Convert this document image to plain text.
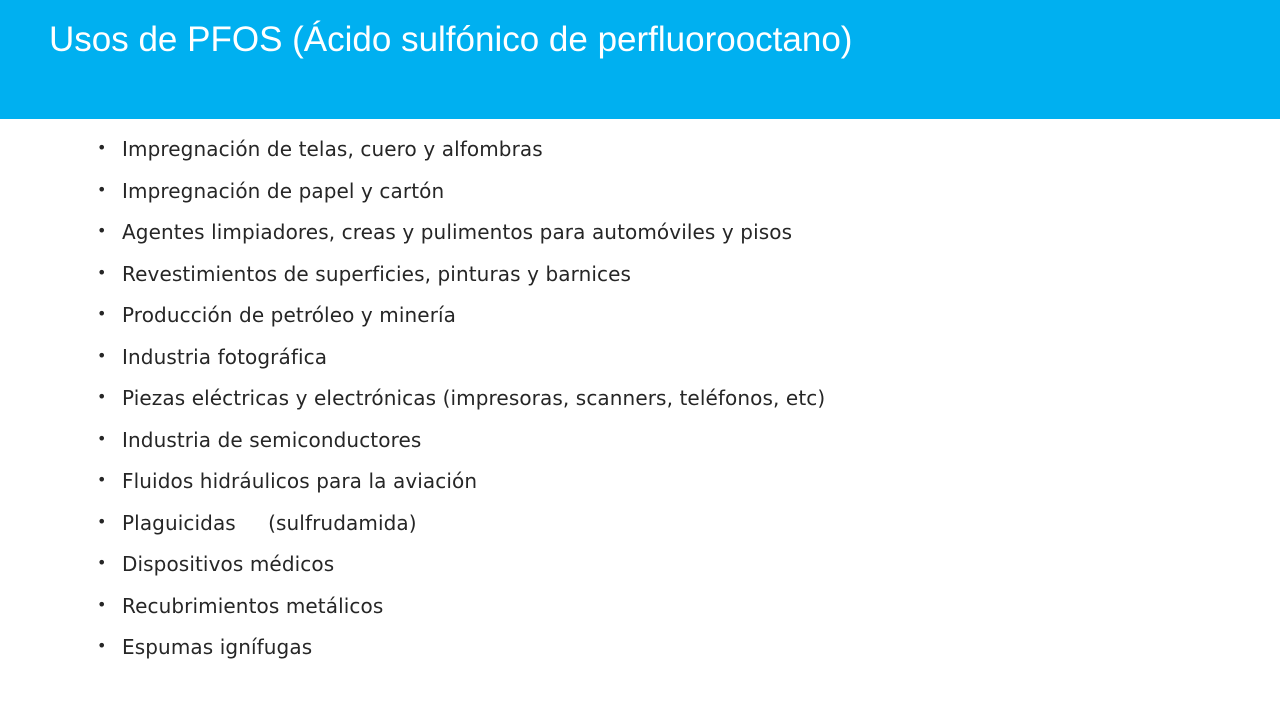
Usos de PFOS (Ácido sulfónico de perfluorooctano)

•

Impregnación de telas, cuero y alfombras

•

Impregnación de papel y cartón

•

Agentes limpiadores, creas y pulimentos para automóviles y pisos

•

Revestimientos de superficies, pinturas y barnices

•

Producción de petróleo y minería

•

Industria fotográfica

•

Piezas eléctricas y electrónicas (impresoras, scanners, teléfonos, etc)

•

Industria de semiconductores

•

Fluidos hidráulicos para la aviación

•

Plaguicidas     (sulfrudamida)

•

Dispositivos médicos

•

Recubrimientos metálicos

•

Espumas ignífugas
